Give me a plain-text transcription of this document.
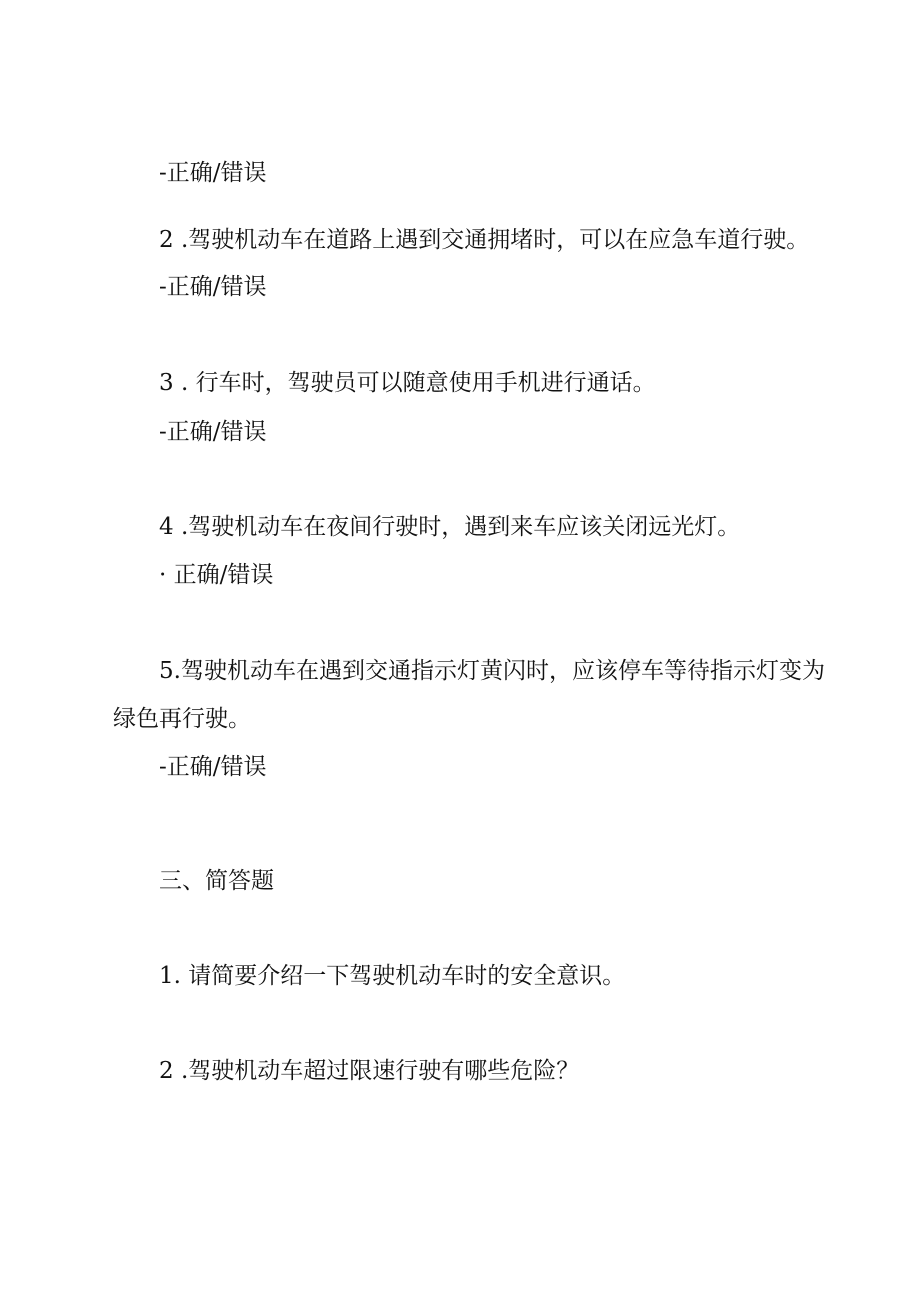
-正确/错误

2 .驾驶机动车在道路上遇到交通拥堵时，可以在应急车道行驶。

-正确/错误

3 . 行车时，驾驶员可以随意使用手机进行通话。

-正确/错误

4 .驾驶机动车在夜间行驶时，遇到来车应该关闭远光灯。

· 正确/错误

5.驾驶机动车在遇到交通指示灯黄闪时，应该停车等待指示灯变为

绿色再行驶。

-正确/错误

三、简答题

1. 请简要介绍一下驾驶机动车时的安全意识。

2 .驾驶机动车超过限速行驶有哪些危险？
